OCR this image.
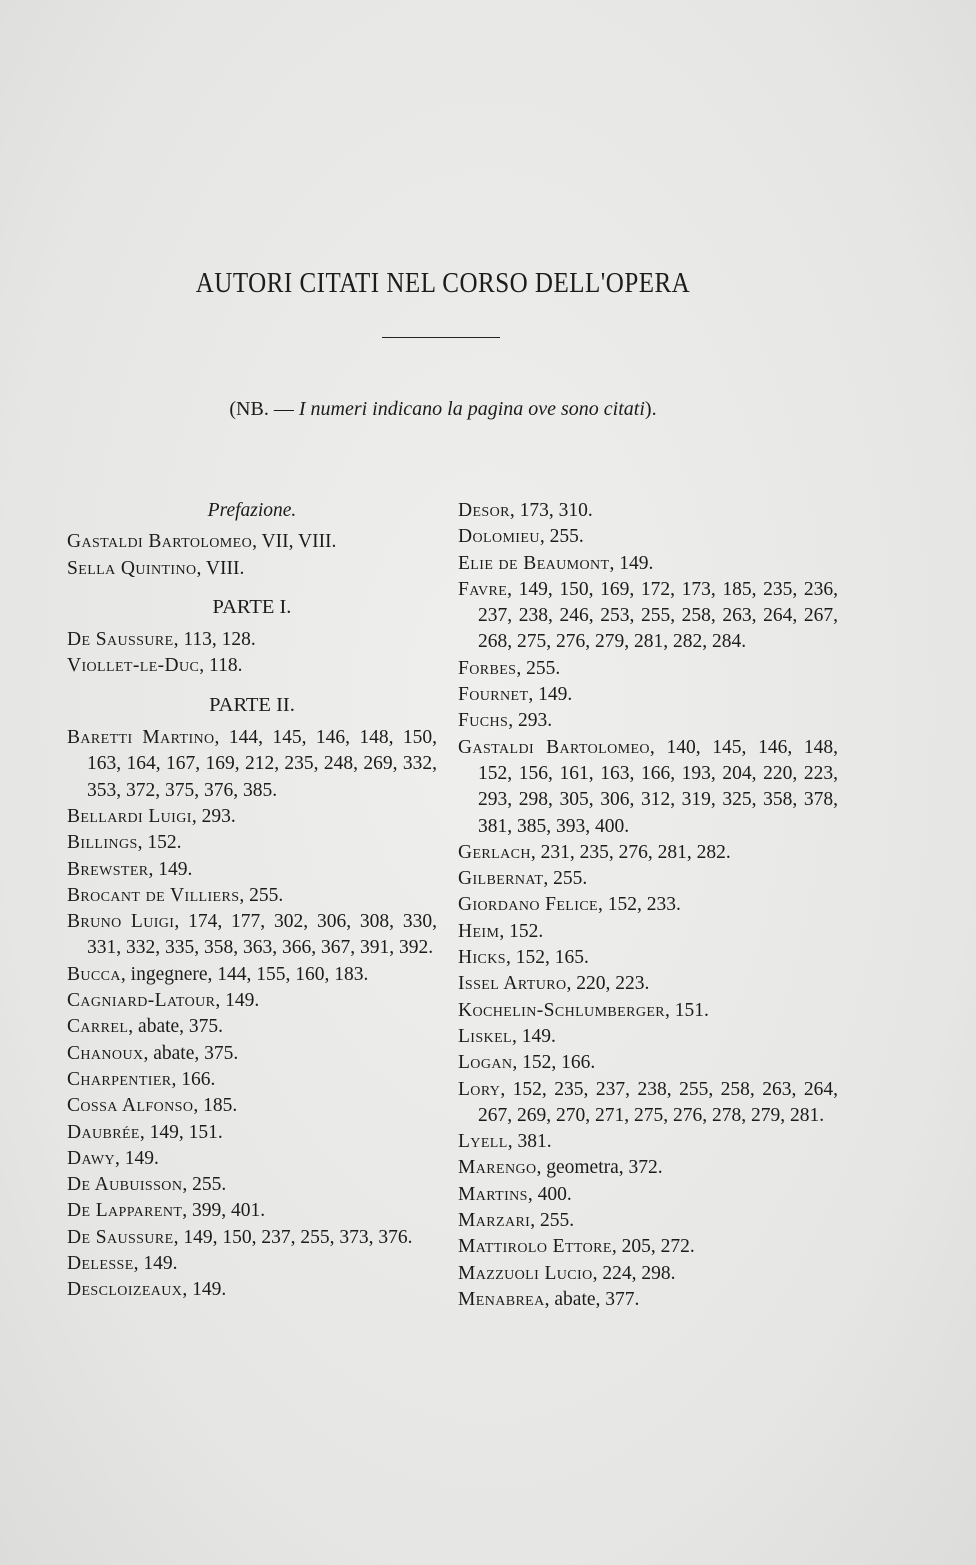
AUTORI CITATI NEL CORSO DELL'OPERA
(NB. — I numeri indicano la pagina ove sono citati).
Prefazione.
Gastaldi Bartolomeo, VII, VIII.
Sella Quintino, VIII.
PARTE I.
De Saussure, 113, 128.
Viollet-le-Duc, 118.
PARTE II.
Baretti Martino, 144, 145, 146, 148, 150, 163, 164, 167, 169, 212, 235, 248, 269, 332, 353, 372, 375, 376, 385.
Bellardi Luigi, 293.
Billings, 152.
Brewster, 149.
Brocant de Villiers, 255.
Bruno Luigi, 174, 177, 302, 306, 308, 330, 331, 332, 335, 358, 363, 366, 367, 391, 392.
Bucca, ingegnere, 144, 155, 160, 183.
Cagniard-Latour, 149.
Carrel, abate, 375.
Chanoux, abate, 375.
Charpentier, 166.
Cossa Alfonso, 185.
Daubrée, 149, 151.
Dawy, 149.
De Aubuisson, 255.
De Lapparent, 399, 401.
De Saussure, 149, 150, 237, 255, 373, 376.
Delesse, 149.
Descloizeaux, 149.
Desor, 173, 310.
Dolomieu, 255.
Elie de Beaumont, 149.
Favre, 149, 150, 169, 172, 173, 185, 235, 236, 237, 238, 246, 253, 255, 258, 263, 264, 267, 268, 275, 276, 279, 281, 282, 284.
Forbes, 255.
Fournet, 149.
Fuchs, 293.
Gastaldi Bartolomeo, 140, 145, 146, 148, 152, 156, 161, 163, 166, 193, 204, 220, 223, 293, 298, 305, 306, 312, 319, 325, 358, 378, 381, 385, 393, 400.
Gerlach, 231, 235, 276, 281, 282.
Gilbernat, 255.
Giordano Felice, 152, 233.
Heim, 152.
Hicks, 152, 165.
Issel Arturo, 220, 223.
Kochelin-Schlumberger, 151.
Liskel, 149.
Logan, 152, 166.
Lory, 152, 235, 237, 238, 255, 258, 263, 264, 267, 269, 270, 271, 275, 276, 278, 279, 281.
Lyell, 381.
Marengo, geometra, 372.
Martins, 400.
Marzari, 255.
Mattirolo Ettore, 205, 272.
Mazzuoli Lucio, 224, 298.
Menabrea, abate, 377.
